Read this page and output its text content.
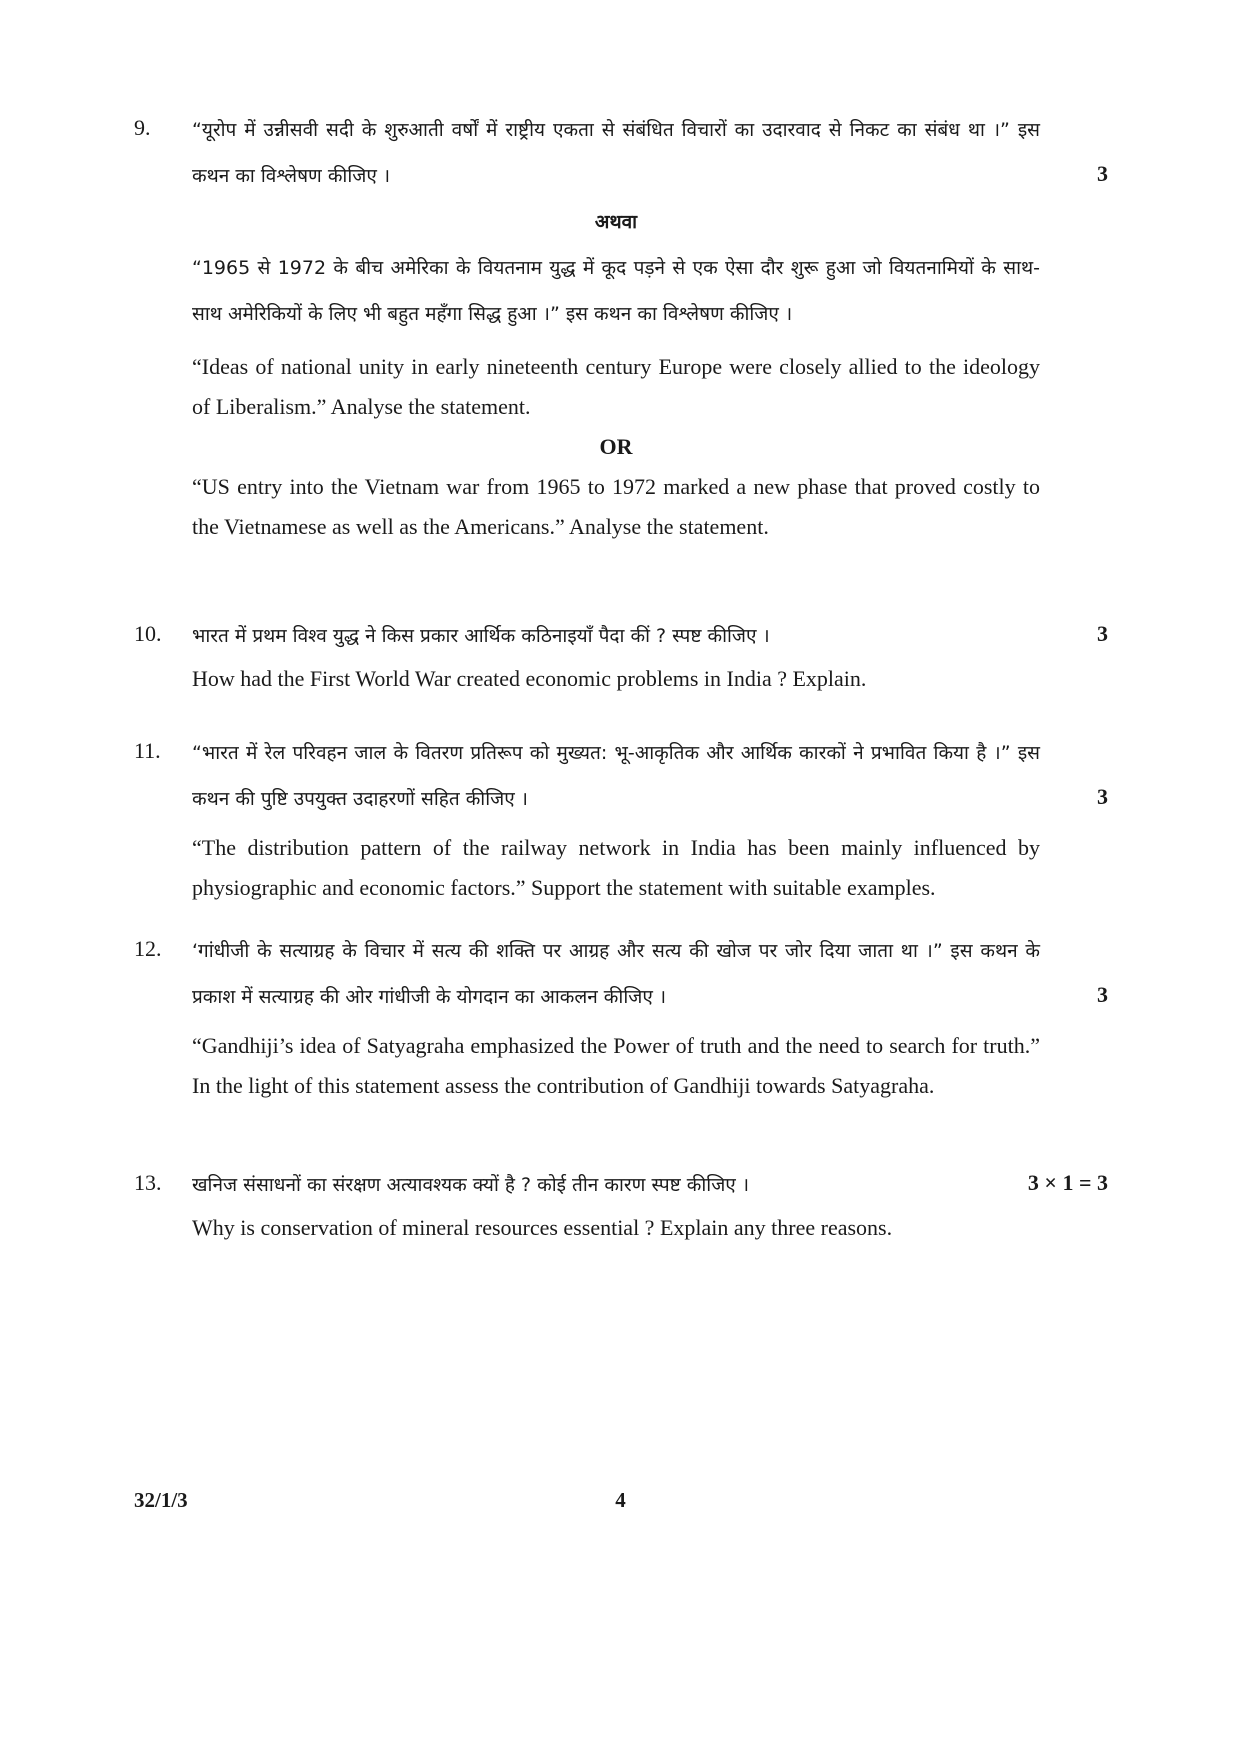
9.
3

“यूरोप में उन्नीसवी सदी के शुरुआती वर्षों में राष्ट्रीय एकता से संबंधित विचारों का उदारवाद से निकट का संबंध था ।” इस कथन का विश्लेषण कीजिए ।

अथवा

“1965 से 1972 के बीच अमेरिका के वियतनाम युद्ध में कूद पड़ने से एक ऐसा दौर शुरू हुआ जो वियतनामियों के साथ-साथ अमेरिकियों के लिए भी बहुत महँगा सिद्ध हुआ ।” इस कथन का विश्लेषण कीजिए ।

“Ideas of national unity in early nineteenth century Europe were closely allied to the ideology of Liberalism.” Analyse the statement.

OR

“US entry into the Vietnam war from 1965 to 1972 marked a new phase that proved costly to the Vietnamese as well as the Americans.” Analyse the statement.

10.	3

भारत में प्रथम विश्व युद्ध ने किस प्रकार आर्थिक कठिनाइयाँ पैदा कीं ? स्पष्ट कीजिए ।

How had the First World War created economic problems in India ? Explain.

11.
3

“भारत में रेल परिवहन जाल के वितरण प्रतिरूप को मुख्यत: भू-आकृतिक और आर्थिक कारकों ने प्रभावित किया है ।” इस कथन की पुष्टि उपयुक्त उदाहरणों सहित कीजिए ।

“The distribution pattern of the railway network in India has been mainly influenced by physiographic and economic factors.” Support the statement with suitable examples.

12.
3

‘गांधीजी के सत्याग्रह के विचार में सत्य की शक्ति पर आग्रह और सत्य की खोज पर जोर दिया जाता था ।” इस कथन के प्रकाश में सत्याग्रह की ओर गांधीजी के योगदान का आकलन कीजिए ।

“Gandhiji’s idea of Satyagraha emphasized the Power of truth and the need to search for truth.” In the light of this statement assess the contribution of Gandhiji towards Satyagraha.

13.	3 × 1 = 3

खनिज संसाधनों का संरक्षण अत्यावश्यक क्यों है ? कोई तीन कारण स्पष्ट कीजिए ।

Why is conservation of mineral resources essential ? Explain any three reasons.

32/1/3	4
